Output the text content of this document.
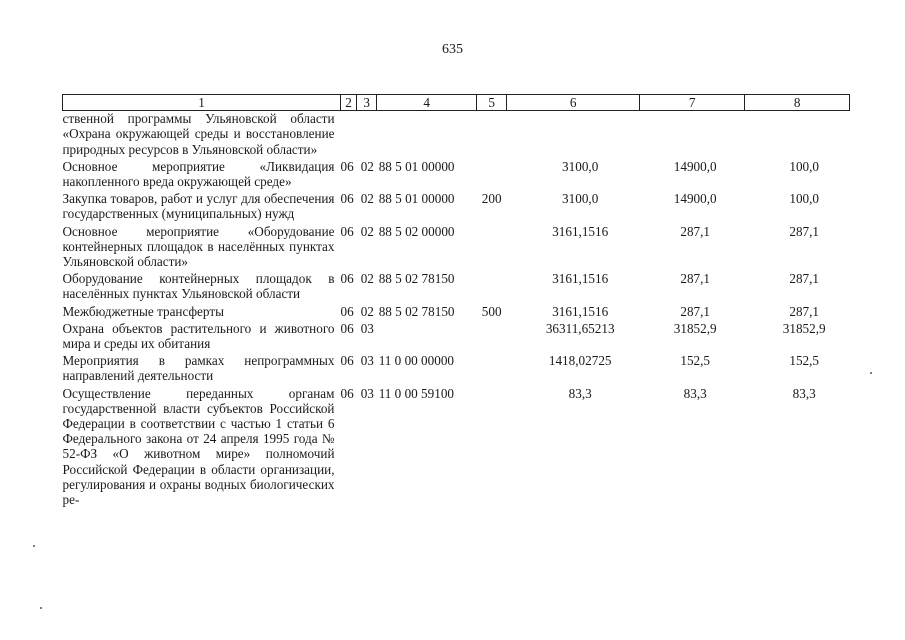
635
1	2	3	4	5	6	7	8
ственной программы Ульяновской области «Охрана окружающей среды и восстановление природных ресурсов в Ульяновской области»							
Основное мероприятие «Ликвидация накопленного вреда окружающей среде»	06	02	88 5 01 00000		3100,0	14900,0	100,0
Закупка товаров, работ и услуг для обеспечения государственных (муниципальных) нужд	06	02	88 5 01 00000	200	3100,0	14900,0	100,0
Основное мероприятие «Оборудование контейнерных площадок в населённых пунктах Ульяновской области»	06	02	88 5 02 00000		3161,1516	287,1	287,1
Оборудование контейнерных площадок в населённых пунктах Ульяновской области	06	02	88 5 02 78150		3161,1516	287,1	287,1
Межбюджетные трансферты	06	02	88 5 02 78150	500	3161,1516	287,1	287,1
Охрана объектов растительного и животного мира и среды их обитания	06	03			36311,65213	31852,9	31852,9
Мероприятия в рамках непрограммных направлений деятельности	06	03	11 0 00 00000		1418,02725	152,5	152,5
Осуществление переданных органам государственной власти субъектов Российской Федерации в соответствии с частью 1 статьи 6 Федерального закона от 24 апреля 1995 года № 52-ФЗ «О животном мире» полномочий Российской Федерации в области организации, регулирования и охраны водных биологических ре-	06	03	11 0 00 59100		83,3	83,3	83,3
